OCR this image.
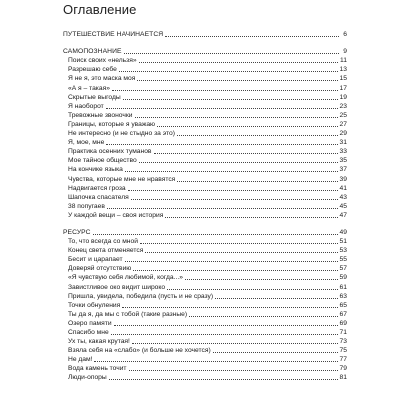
Оглавление
ПУТЕШЕСТВИЕ НАЧИНАЕТСЯ	6
САМОПОЗНАНИЕ	9
Поиск своих «нельзя»	11
Разрешаю себе	13
Я не я, это маска моя	15
«А я – такая»	17
Скрытые выгоды	19
Я наоборот	23
Тревожные звоночки	25
Границы, которые я уважаю	27
Не интересно (и не стыдно за это)	29
Я, мое, мне	31
Практика осенних туманов	33
Мое тайное общество	35
На кончике языка	37
Чувства, которые мне не нравятся	39
Надвигается гроза	41
Шапочка спасателя	43
38 попугаев	45
У каждой вещи – своя история	47
РЕСУРС	49
То, что всегда со мной	51
Конец света отменяется	53
Бесит и царапает	55
Доверяй отсутствию	57
«Я чувствую себя любимой, когда...»	59
Завистливое око видит широко	61
Пришла, увидела, победила (пусть и не сразу)	63
Точки обнуления	65
Ты да я, да мы с тобой (такие разные)	67
Озеро памяти	69
Спасибо мне	71
Ух ты, какая крутая!	73
Взяла себя на «слабо» (и больше не хочется)	75
Не дам!	77
Вода камень точит	79
Люди-опоры	81
